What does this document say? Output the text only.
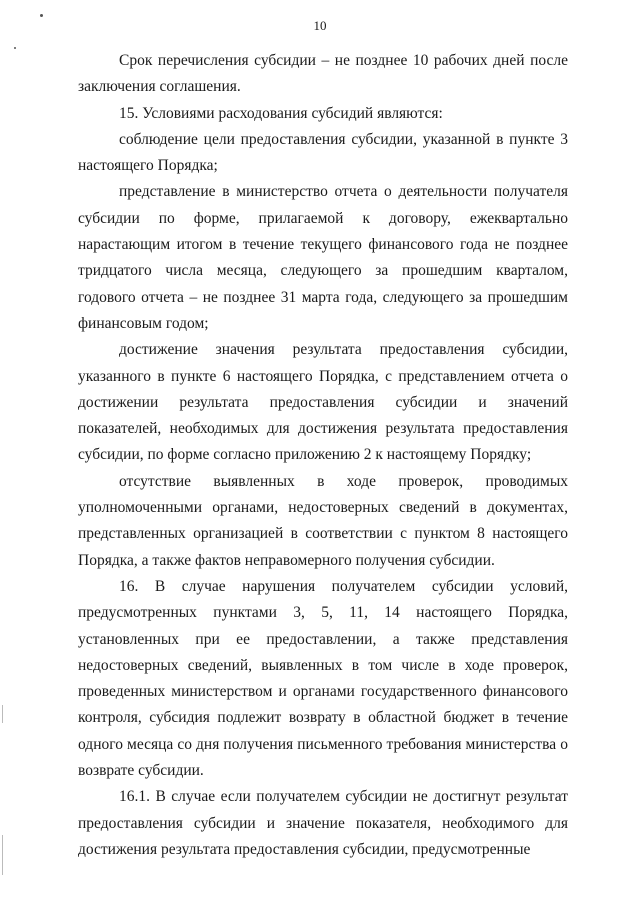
10

Срок перечисления субсидии – не позднее 10 рабочих дней после заключения соглашения.

15. Условиями расходования субсидий являются:

соблюдение цели предоставления субсидии, указанной в пункте 3 настоящего Порядка;

представление в министерство отчета о деятельности получателя субсидии по форме, прилагаемой к договору, ежеквартально нарастающим итогом в течение текущего финансового года не позднее тридцатого числа месяца, следующего за прошедшим кварталом, годового отчета – не позднее 31 марта года, следующего за прошедшим финансовым годом;

достижение значения результата предоставления субсидии, указанного в пункте 6 настоящего Порядка, с представлением отчета о достижении результата предоставления субсидии и значений показателей, необходимых для достижения результата предоставления субсидии, по форме согласно приложению 2 к настоящему Порядку;

отсутствие выявленных в ходе проверок, проводимых уполномоченными органами, недостоверных сведений в документах, представленных организацией в соответствии с пунктом 8 настоящего Порядка, а также фактов неправомерного получения субсидии.

16. В случае нарушения получателем субсидии условий, предусмотренных пунктами 3, 5, 11, 14 настоящего Порядка, установленных при ее предоставлении, а также представления недостоверных сведений, выявленных в том числе в ходе проверок, проведенных министерством и органами государственного финансового контроля, субсидия подлежит возврату в областной бюджет в течение одного месяца со дня получения письменного требования министерства о возврате субсидии.

16.1. В случае если получателем субсидии не достигнут результат предоставления субсидии и значение показателя, необходимого для достижения результата предоставления субсидии, предусмотренные
